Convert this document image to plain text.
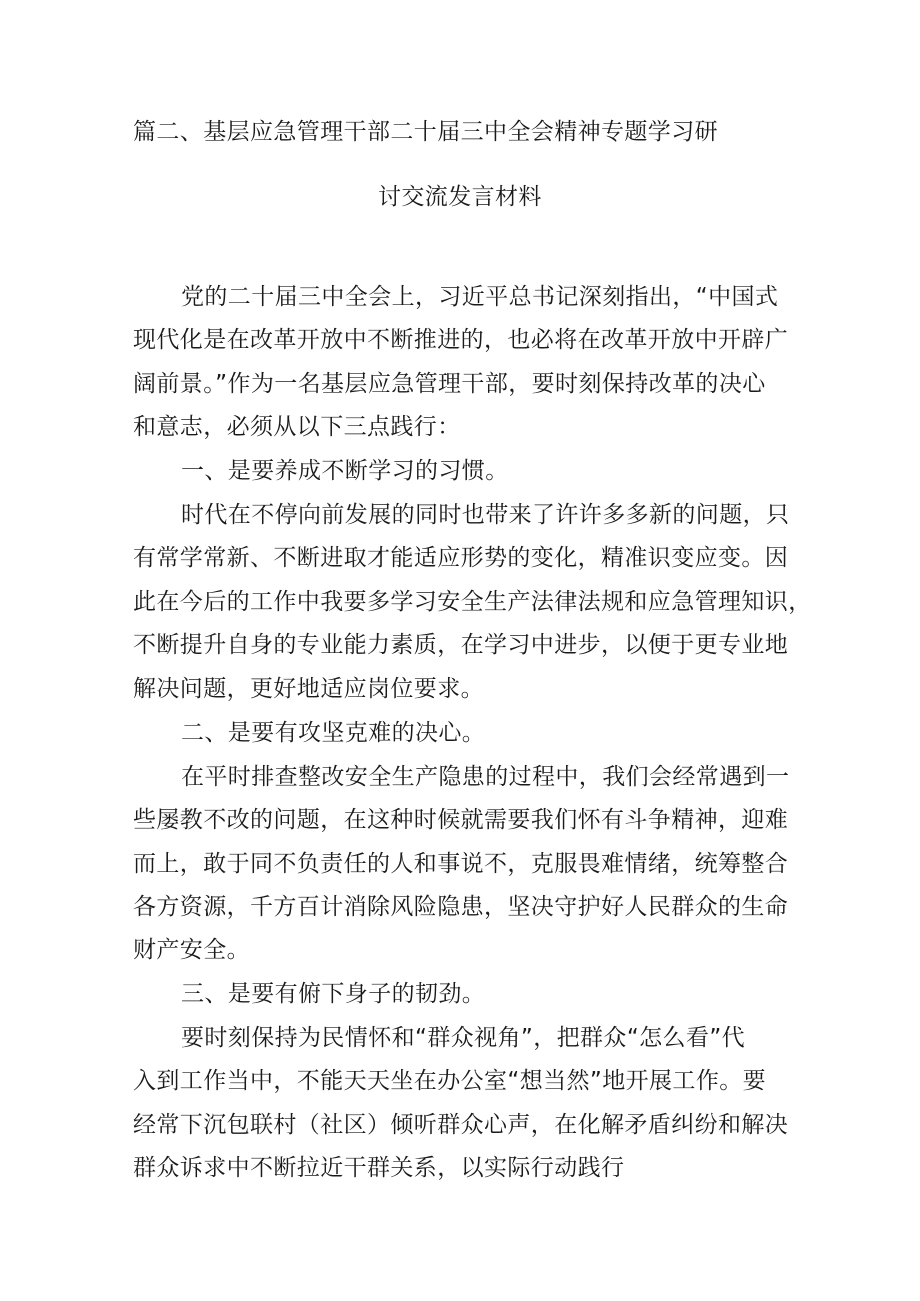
篇二、基层应急管理干部二十届三中全会精神专题学习研
讨交流发言材料
党的二十届三中全会上，习近平总书记深刻指出，“中国式
现代化是在改革开放中不断推进的，也必将在改革开放中开辟广
阔前景。”作为一名基层应急管理干部，要时刻保持改革的决心
和意志，必须从以下三点践行：
一、是要养成不断学习的习惯。
时代在不停向前发展的同时也带来了许许多多新的问题，只
有常学常新、不断进取才能适应形势的变化，精准识变应变。因
此在今后的工作中我要多学习安全生产法律法规和应急管理知识，
不断提升自身的专业能力素质，在学习中进步，以便于更专业地
解决问题，更好地适应岗位要求。
二、是要有攻坚克难的决心。
在平时排查整改安全生产隐患的过程中，我们会经常遇到一
些屡教不改的问题，在这种时候就需要我们怀有斗争精神，迎难
而上，敢于同不负责任的人和事说不，克服畏难情绪，统筹整合
各方资源，千方百计消除风险隐患，坚决守护好人民群众的生命
财产安全。
三、是要有俯下身子的韧劲。
要时刻保持为民情怀和“群众视角”，把群众“怎么看”代
入到工作当中，不能天天坐在办公室“想当然”地开展工作。要
经常下沉包联村（社区）倾听群众心声，在化解矛盾纠纷和解决
群众诉求中不断拉近干群关系，以实际行动践行
